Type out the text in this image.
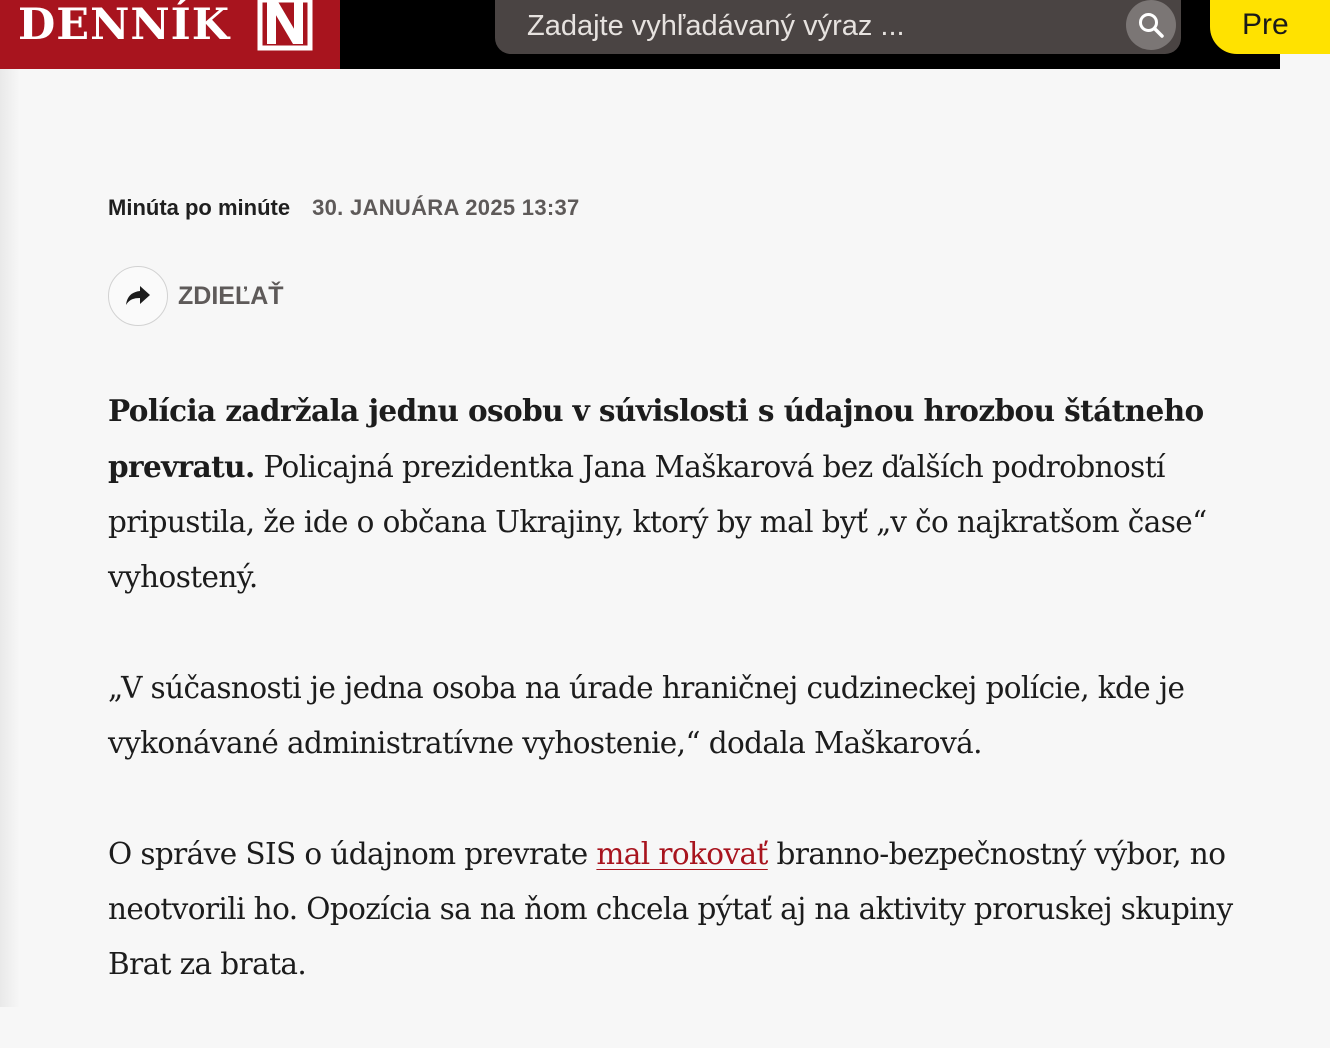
DENNÍK
Zadajte vyhľadávaný výraz ...	Pre
Minúta po minúte 30. JANUÁRA 2025 13:37
ZDIEĽAŤ

Polícia zadržala jednu osobu v súvislosti s údajnou hrozbou štátneho prevratu. Policajná prezidentka Jana Maškarová bez ďalších podrobností pripustila, že ide o občana Ukrajiny, ktorý by mal byť „v čo najkratšom čase“ vyhostený.

„V súčasnosti je jedna osoba na úrade hraničnej cudzineckej polície, kde je vykonávané administratívne vyhostenie,“ dodala Maškarová.

O správe SIS o údajnom prevrate mal rokovať branno-bezpečnostný výbor, no neotvorili ho. Opozícia sa na ňom chcela pýtať aj na aktivity proruskej skupiny Brat za brata.
